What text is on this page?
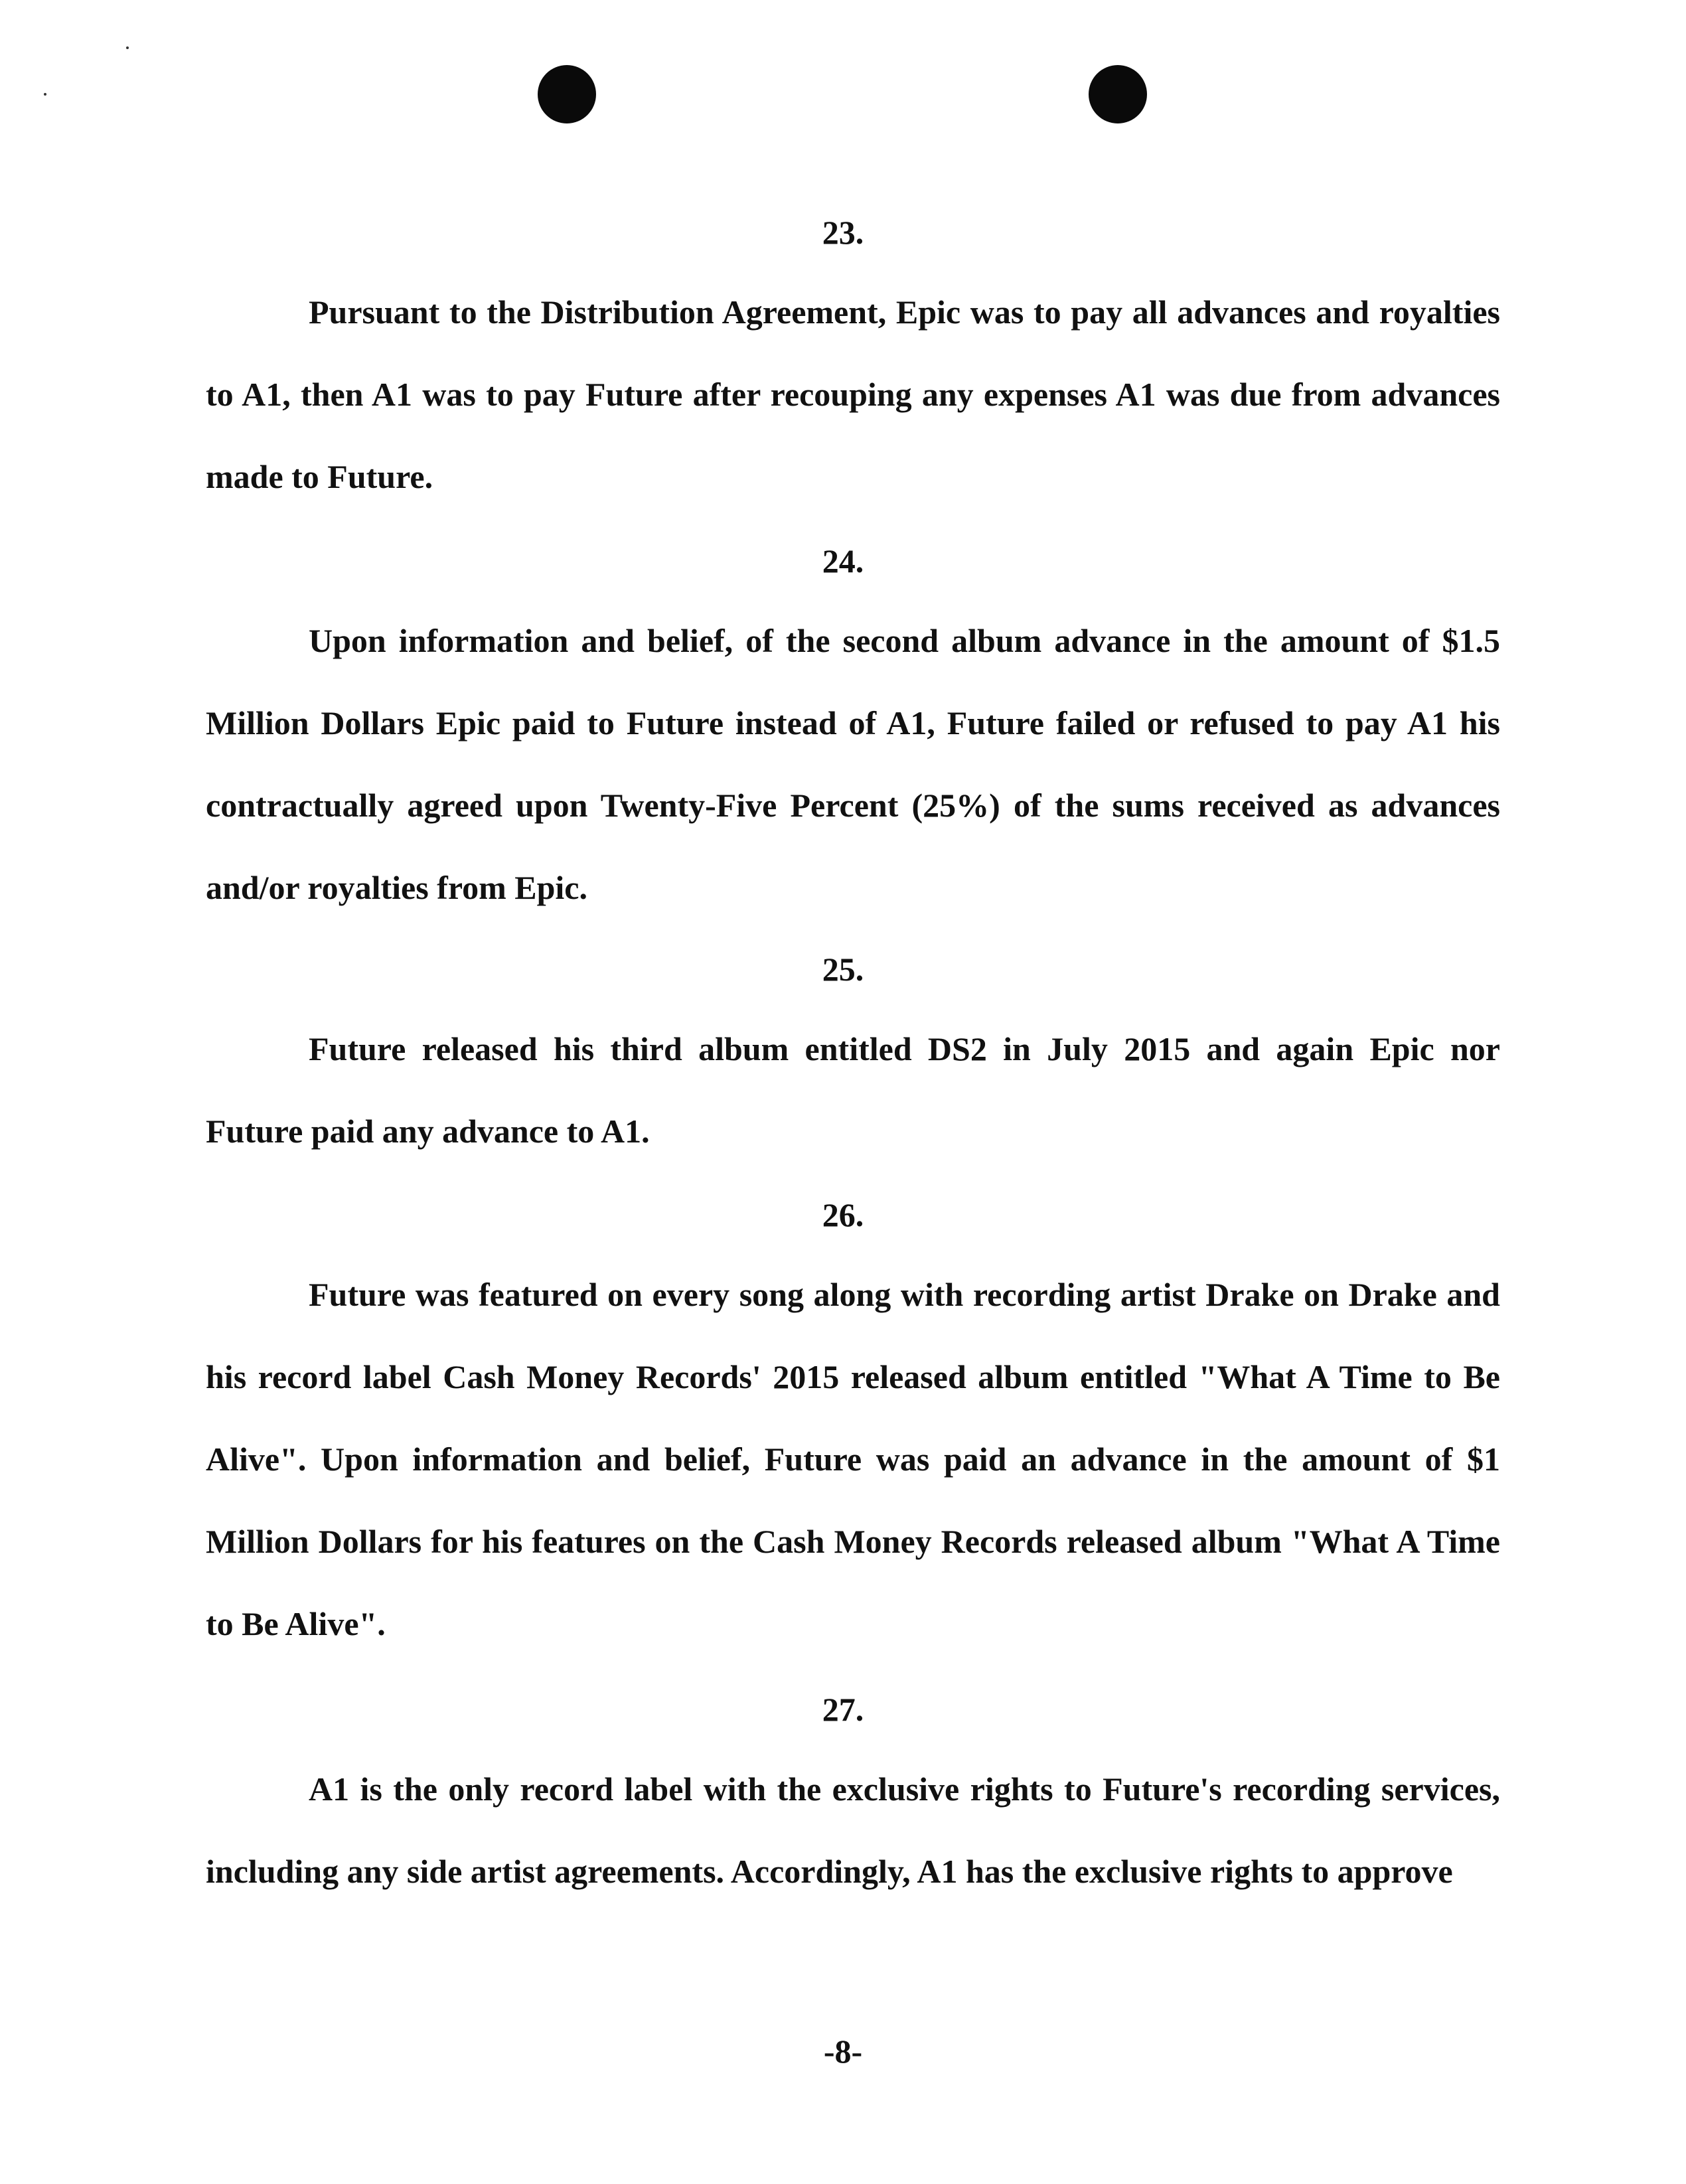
23.

Pursuant to the Distribution Agreement, Epic was to pay all advances and royalties to A1, then A1 was to pay Future after recouping any expenses A1 was due from advances made to Future.

24.

Upon information and belief, of the second album advance in the amount of $1.5 Million Dollars Epic paid to Future instead of A1, Future failed or refused to pay A1 his contractually agreed upon Twenty-Five Percent (25%) of the sums received as advances and/or royalties from Epic.

25.

Future released his third album entitled DS2 in July 2015 and again Epic nor Future paid any advance to A1.

26.

Future was featured on every song along with recording artist Drake on Drake and his record label Cash Money Records' 2015 released album entitled "What A Time to Be Alive". Upon information and belief, Future was paid an advance in the amount of $1 Million Dollars for his features on the Cash Money Records released album "What A Time to Be Alive".

27.

A1 is the only record label with the exclusive rights to Future's recording services, including any side artist agreements. Accordingly, A1 has the exclusive rights to approve

-8-
